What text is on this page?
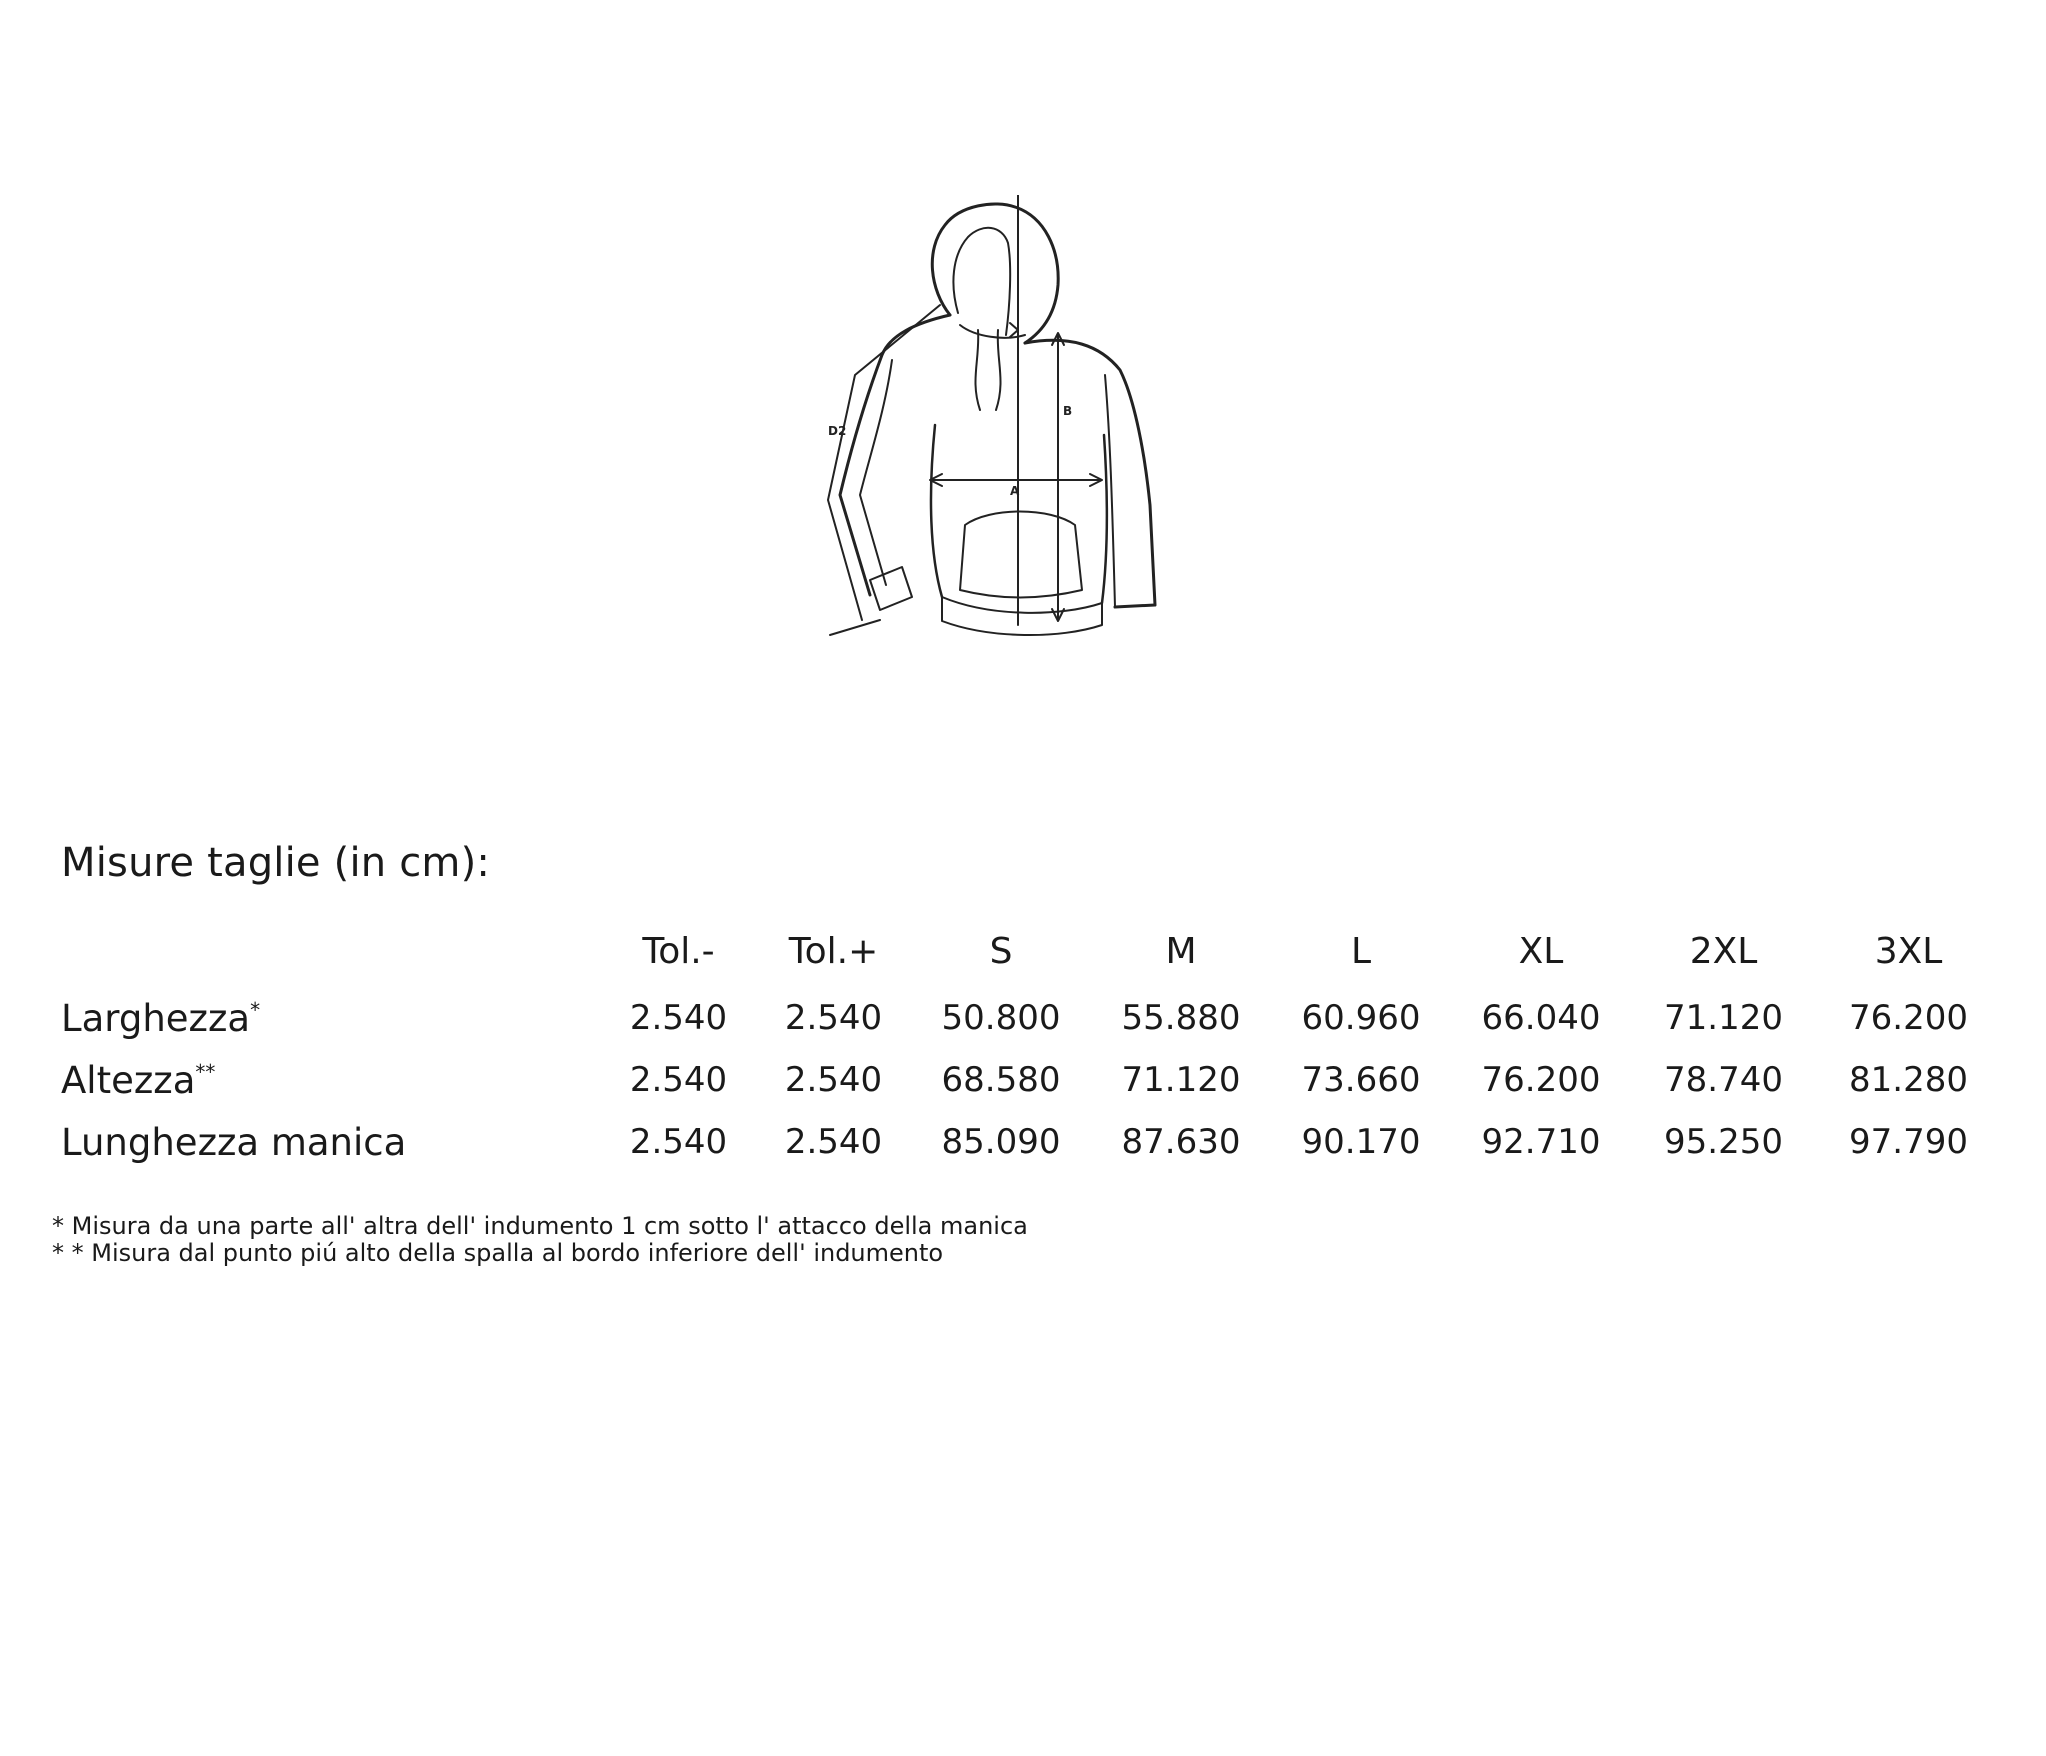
A
B
D2
Misure taglie (in cm):
	Tol.-	Tol.+	S	M	L	XL	2XL	3XL
Larghezza*	2.540	2.540	50.800	55.880	60.960	66.040	71.120	76.200
Altezza**	2.540	2.540	68.580	71.120	73.660	76.200	78.740	81.280
Lunghezza manica	2.540	2.540	85.090	87.630	90.170	92.710	95.250	97.790
* Misura da una parte all' altra dell' indumento 1 cm sotto l' attacco della manica
* * Misura dal punto piú alto della spalla al bordo inferiore dell' indumento
